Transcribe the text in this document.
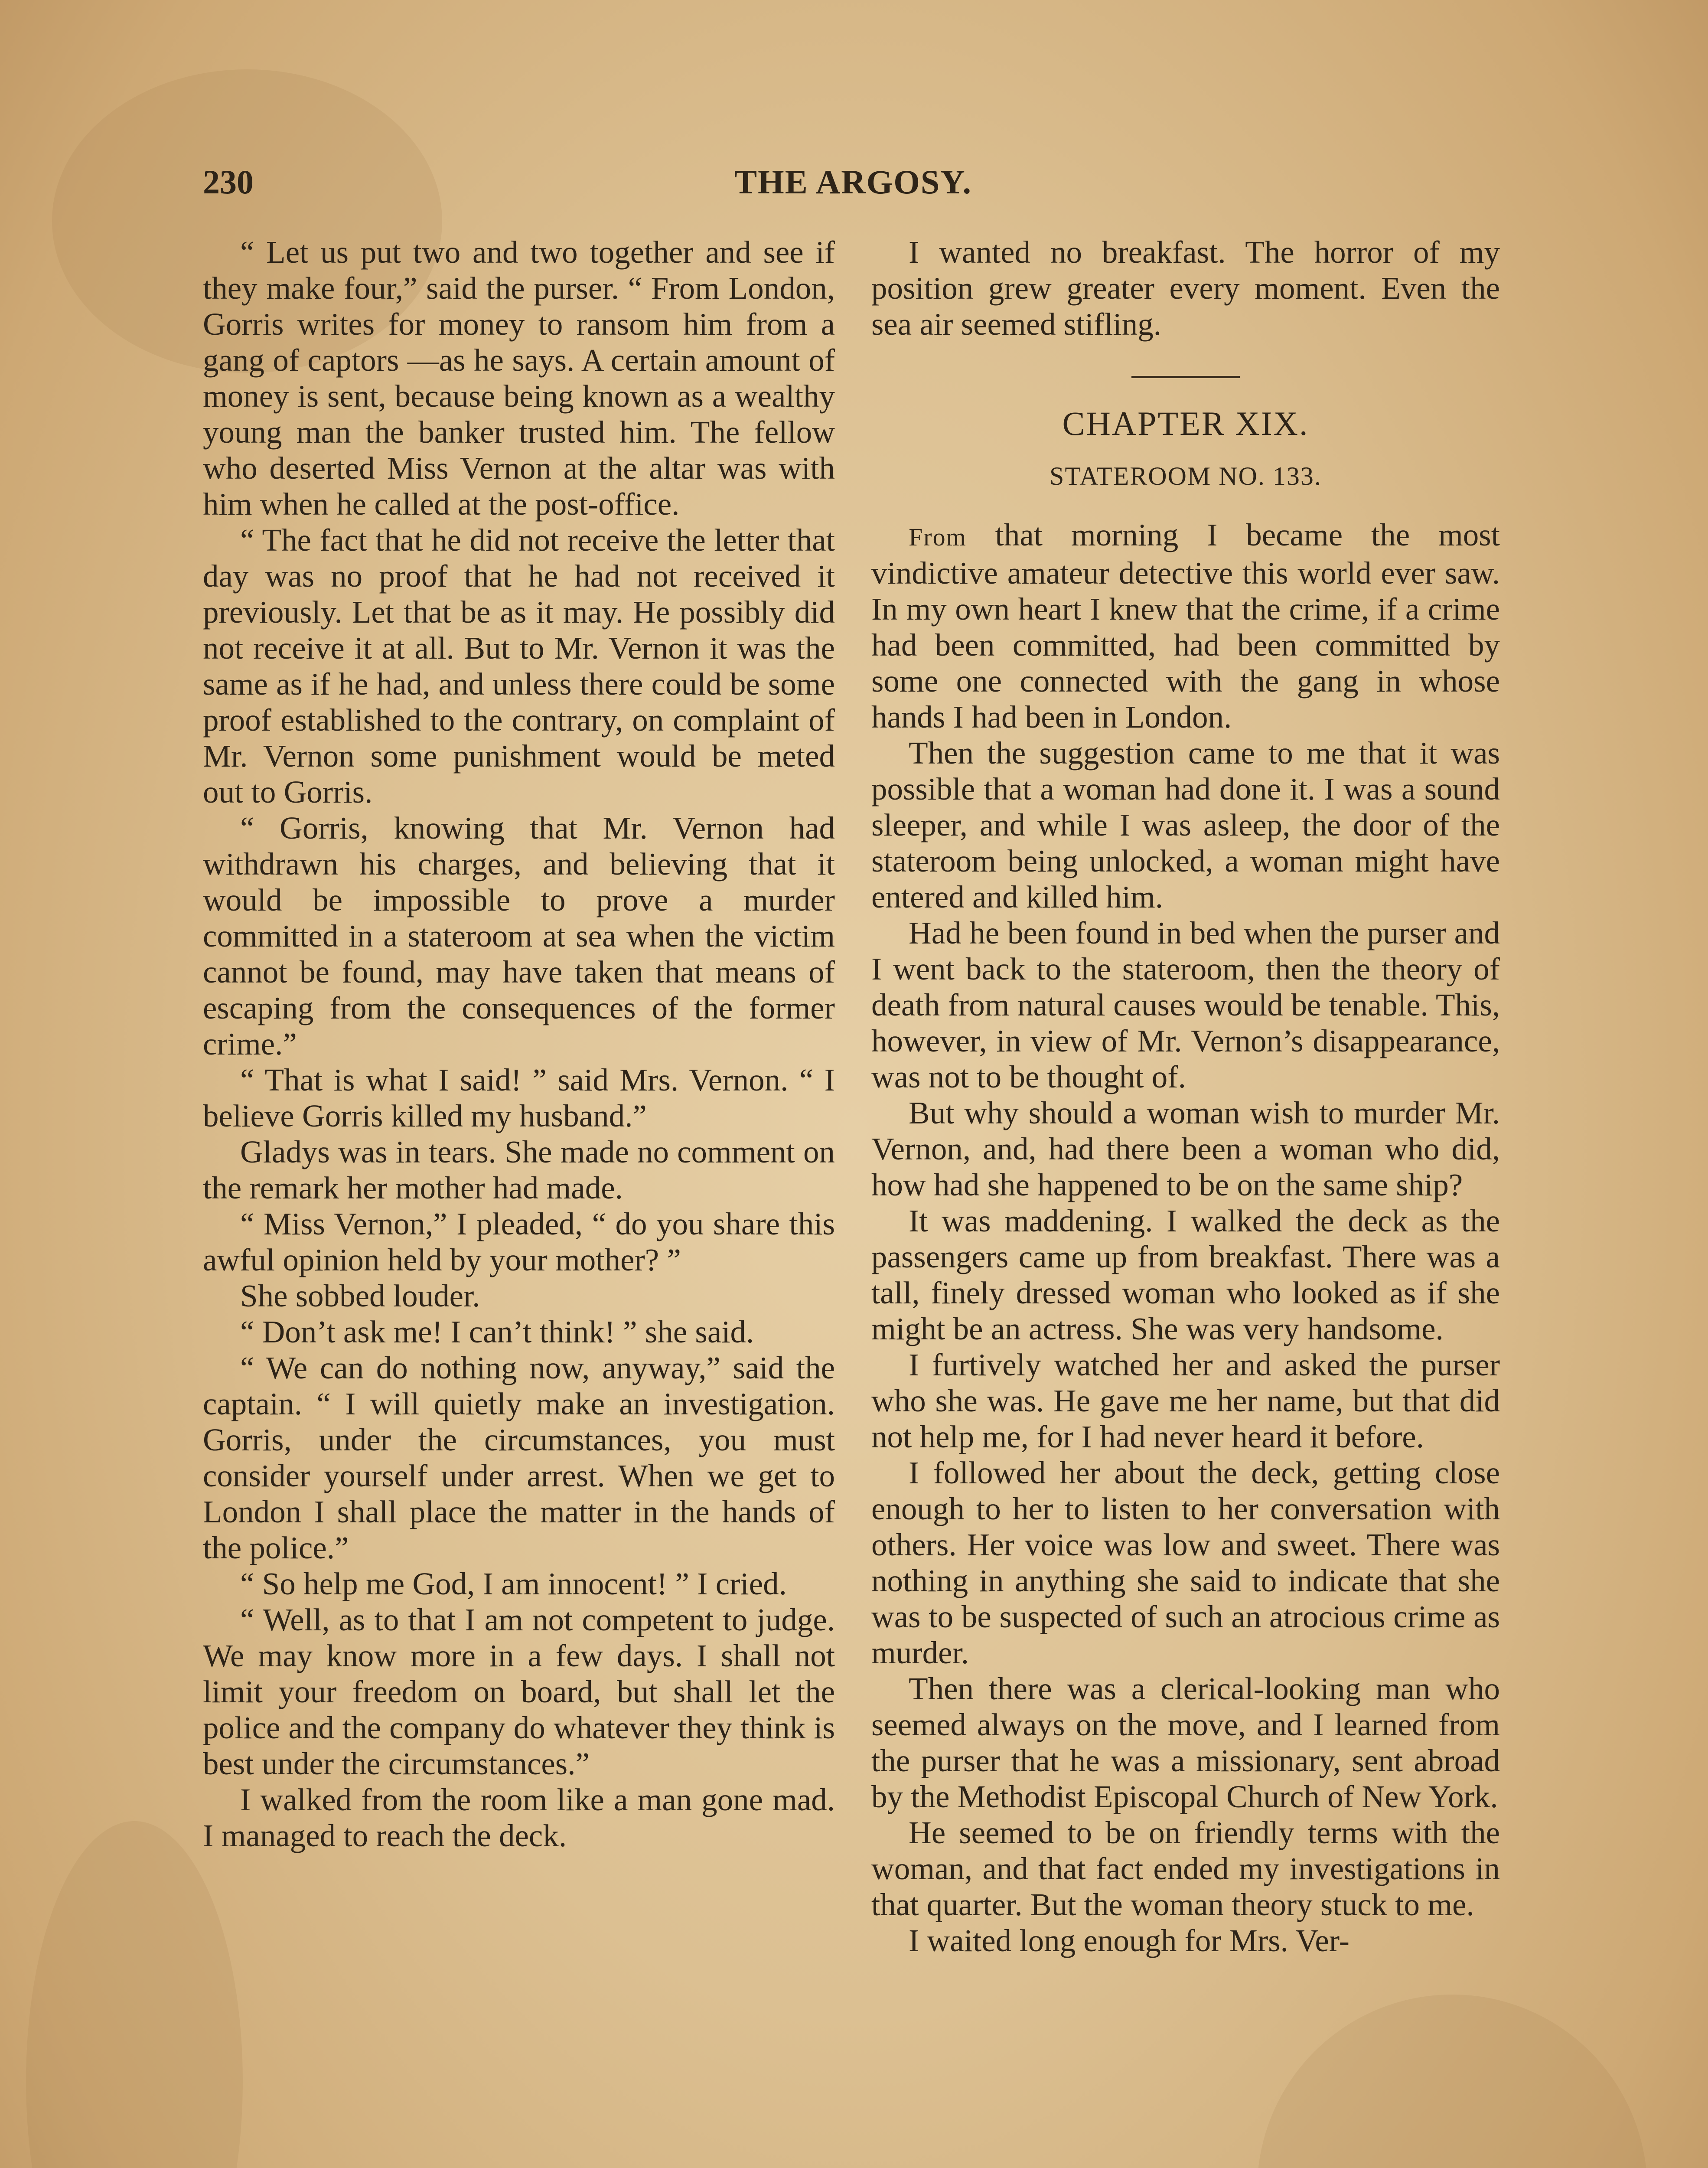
230	THE ARGOSY.

“ Let us put two and two together and see if they make four,” said the purser. “ From London, Gorris writes for money to ransom him from a gang of captors —as he says. A certain amount of money is sent, because being known as a wealthy young man the banker trusted him. The fellow who deserted Miss Vernon at the altar was with him when he called at the post-office.

“ The fact that he did not receive the letter that day was no proof that he had not received it previously. Let that be as it may. He possibly did not receive it at all. But to Mr. Vernon it was the same as if he had, and unless there could be some proof established to the contrary, on complaint of Mr. Vernon some punishment would be meted out to Gorris.

“ Gorris, knowing that Mr. Vernon had withdrawn his charges, and believing that it would be impossible to prove a murder committed in a stateroom at sea when the victim cannot be found, may have taken that means of escaping from the consequences of the former crime.”

“ That is what I said! ” said Mrs. Vernon. “ I believe Gorris killed my husband.”

Gladys was in tears. She made no comment on the remark her mother had made.

“ Miss Vernon,” I pleaded, “ do you share this awful opinion held by your mother? ”

She sobbed louder.

“ Don’t ask me! I can’t think! ” she said.

“ We can do nothing now, anyway,” said the captain. “ I will quietly make an investigation. Gorris, under the circumstances, you must consider yourself under arrest. When we get to London I shall place the matter in the hands of the police.”

“ So help me God, I am innocent! ” I cried.

“ Well, as to that I am not competent to judge. We may know more in a few days. I shall not limit your freedom on board, but shall let the police and the company do whatever they think is best under the circumstances.”

I walked from the room like a man gone mad. I managed to reach the deck.

I wanted no breakfast. The horror of my position grew greater every moment. Even the sea air seemed stifling.

CHAPTER XIX.
STATEROOM NO. 133.

From that morning I became the most vindictive amateur detective this world ever saw. In my own heart I knew that the crime, if a crime had been committed, had been committed by some one connected with the gang in whose hands I had been in London.

Then the suggestion came to me that it was possible that a woman had done it. I was a sound sleeper, and while I was asleep, the door of the stateroom being unlocked, a woman might have entered and killed him.

Had he been found in bed when the purser and I went back to the stateroom, then the theory of death from natural causes would be tenable. This, however, in view of Mr. Vernon’s disappearance, was not to be thought of.

But why should a woman wish to murder Mr. Vernon, and, had there been a woman who did, how had she happened to be on the same ship?

It was maddening. I walked the deck as the passengers came up from breakfast. There was a tall, finely dressed woman who looked as if she might be an actress. She was very handsome.

I furtively watched her and asked the purser who she was. He gave me her name, but that did not help me, for I had never heard it before.

I followed her about the deck, getting close enough to her to listen to her conversation with others. Her voice was low and sweet. There was nothing in anything she said to indicate that she was to be suspected of such an atrocious crime as murder.

Then there was a clerical-looking man who seemed always on the move, and I learned from the purser that he was a missionary, sent abroad by the Methodist Episcopal Church of New York.

He seemed to be on friendly terms with the woman, and that fact ended my investigations in that quarter. But the woman theory stuck to me.

I waited long enough for Mrs. Ver-
